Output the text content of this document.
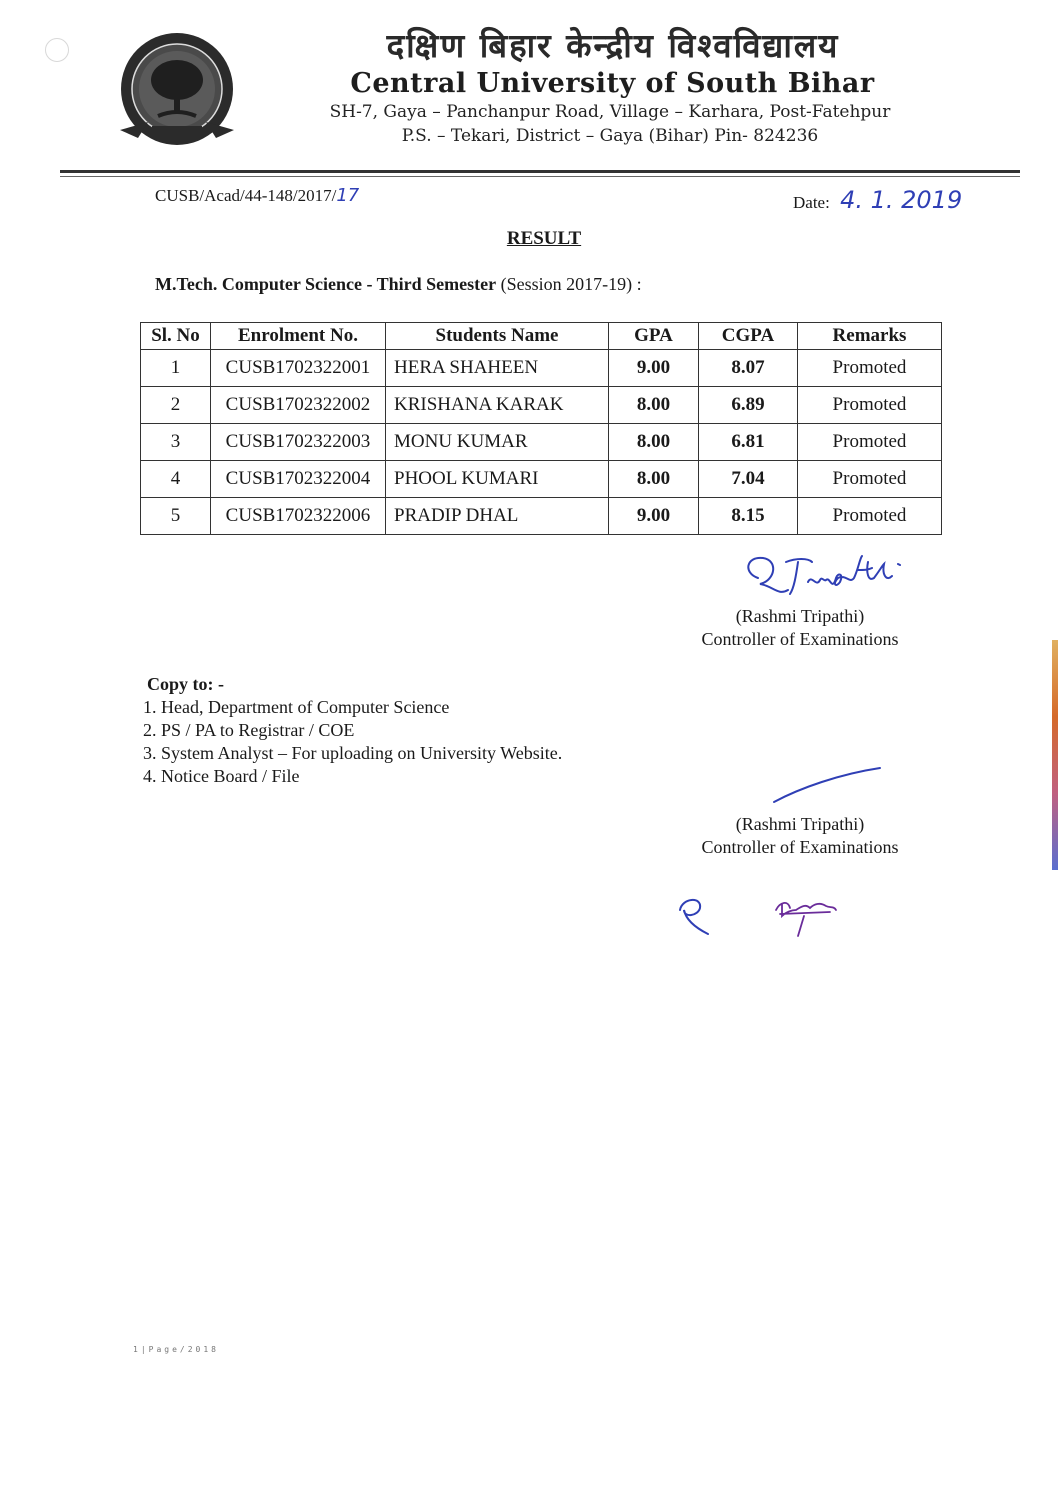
दक्षिण बिहार केन्द्रीय विश्वविद्यालय
Central University of South Bihar
SH-7, Gaya – Panchanpur Road, Village – Karhara, Post-Fatehpur
P.S. – Tekari, District – Gaya (Bihar) Pin- 824236
CUSB/Acad/44-148/2017/17	Date: 4. 1. 2019
RESULT
M.Tech. Computer Science - Third Semester (Session 2017-19) :
Sl. No	Enrolment No.	Students Name	GPA	CGPA	Remarks
1	CUSB1702322001	HERA SHAHEEN	9.00	8.07	Promoted
2	CUSB1702322002	KRISHANA KARAK	8.00	6.89	Promoted
3	CUSB1702322003	MONU KUMAR	8.00	6.81	Promoted
4	CUSB1702322004	PHOOL KUMARI	8.00	7.04	Promoted
5	CUSB1702322006	PRADIP DHAL	9.00	8.15	Promoted
(Rashmi Tripathi)
Controller of Examinations
Copy to: -
1. Head, Department of Computer Science
2. PS / PA to Registrar / COE
3. System Analyst – For uploading on University Website.
4. Notice Board / File
(Rashmi Tripathi)
Controller of Examinations
1|Page/2018
